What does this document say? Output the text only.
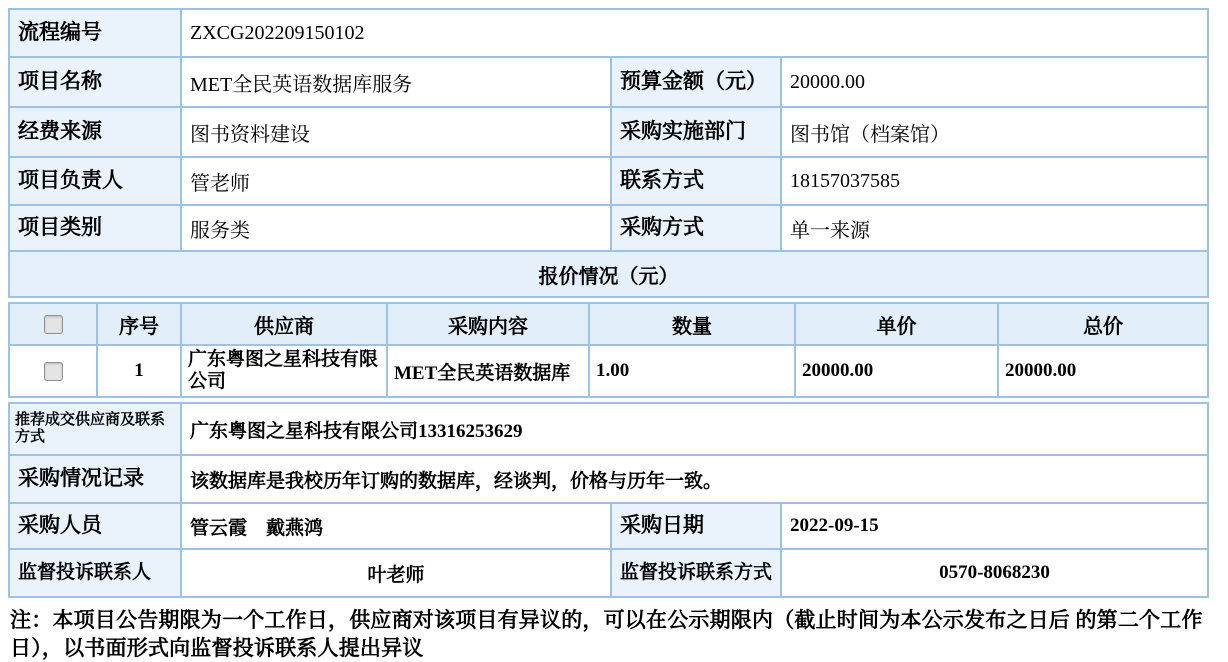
流程编号	ZXCG202209150102		
项目名称	MET全民英语数据库服务	预算金额（元）	20000.00
经费来源	图书资料建设	采购实施部门	图书馆（档案馆）
项目负责人	管老师	联系方式	18157037585
项目类别	服务类	采购方式	单一来源
报价情况（元）			
	序号	供应商	采购内容	数量	单价	总价
	1	广东粤图之星科技有限公司	MET全民英语数据库	1.00	20000.00	20000.00
推荐成交供应商及联系方式	广东粤图之星科技有限公司13316253629		
采购情况记录	该数据库是我校历年订购的数据库，经谈判，价格与历年一致。		
采购人员	管云霞　戴燕鸿	采购日期	2022-09-15
监督投诉联系人	叶老师	监督投诉联系方式	0570-8068230
注：本项目公告期限为一个工作日，供应商对该项目有异议的，可以在公示期限内（截止时间为本公示发布之日后 的第二个工作
日），以书面形式向监督投诉联系人提出异议
